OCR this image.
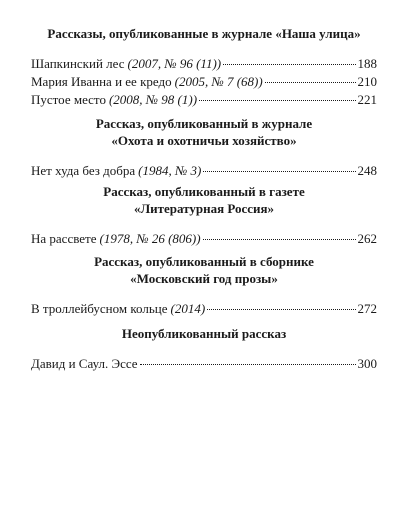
Рассказы, опубликованные в журнале «Наша улица»
Шапкинский лес (2007, № 96 (11))	188
Мария Иванна и ее кредо (2005, № 7 (68))	210
Пустое место (2008, № 98 (1))	221
Рассказ, опубликованный в журнале
«Охота и охотничьи хозяйство»
Нет худа без добра (1984, № 3)	248
Рассказ, опубликованный в газете
«Литературная Россия»
На рассвете (1978, № 26 (806))	262
Рассказ, опубликованный в сборнике
«Московский год прозы»
В троллейбусном кольце (2014)	272
Неопубликованный рассказ
Давид и Саул. Эссе	300
